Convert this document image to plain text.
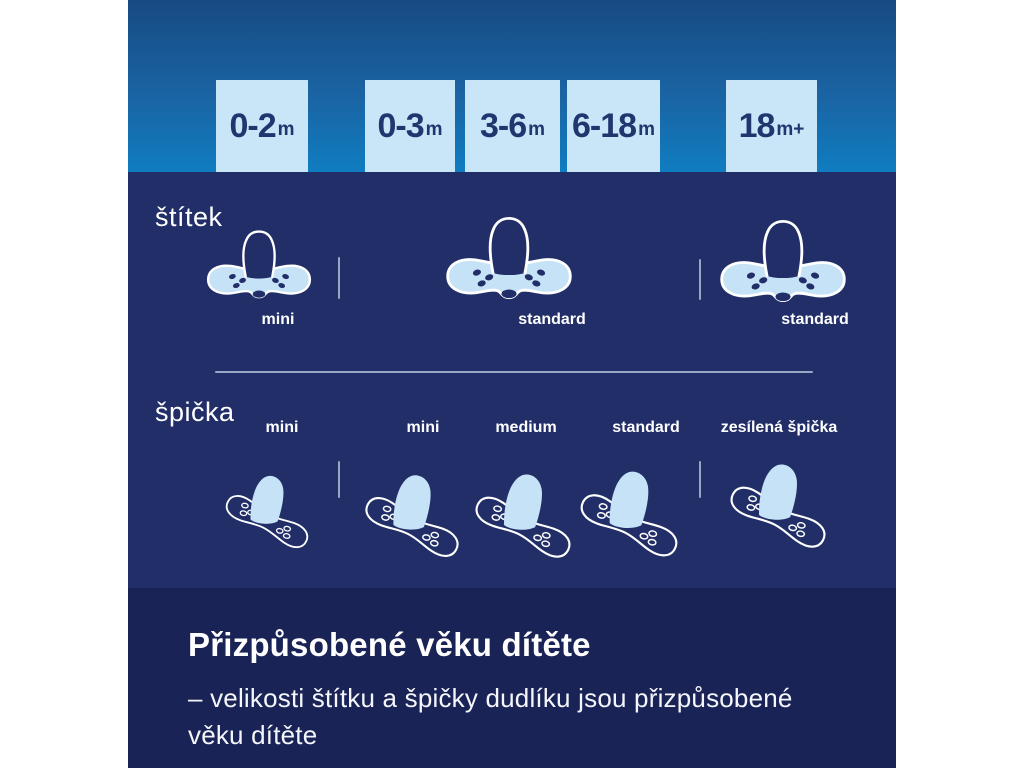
0-2 m 0-3 m 3-6 m 6-18 m 18 m+
štítek
mini	standard	standard
špička
mini	mini	medium	standard	zesílená špička
Přizpůsobené věku dítěte
– velikosti štítku a špičky dudlíku jsou přizpůsobené
věku dítěte
